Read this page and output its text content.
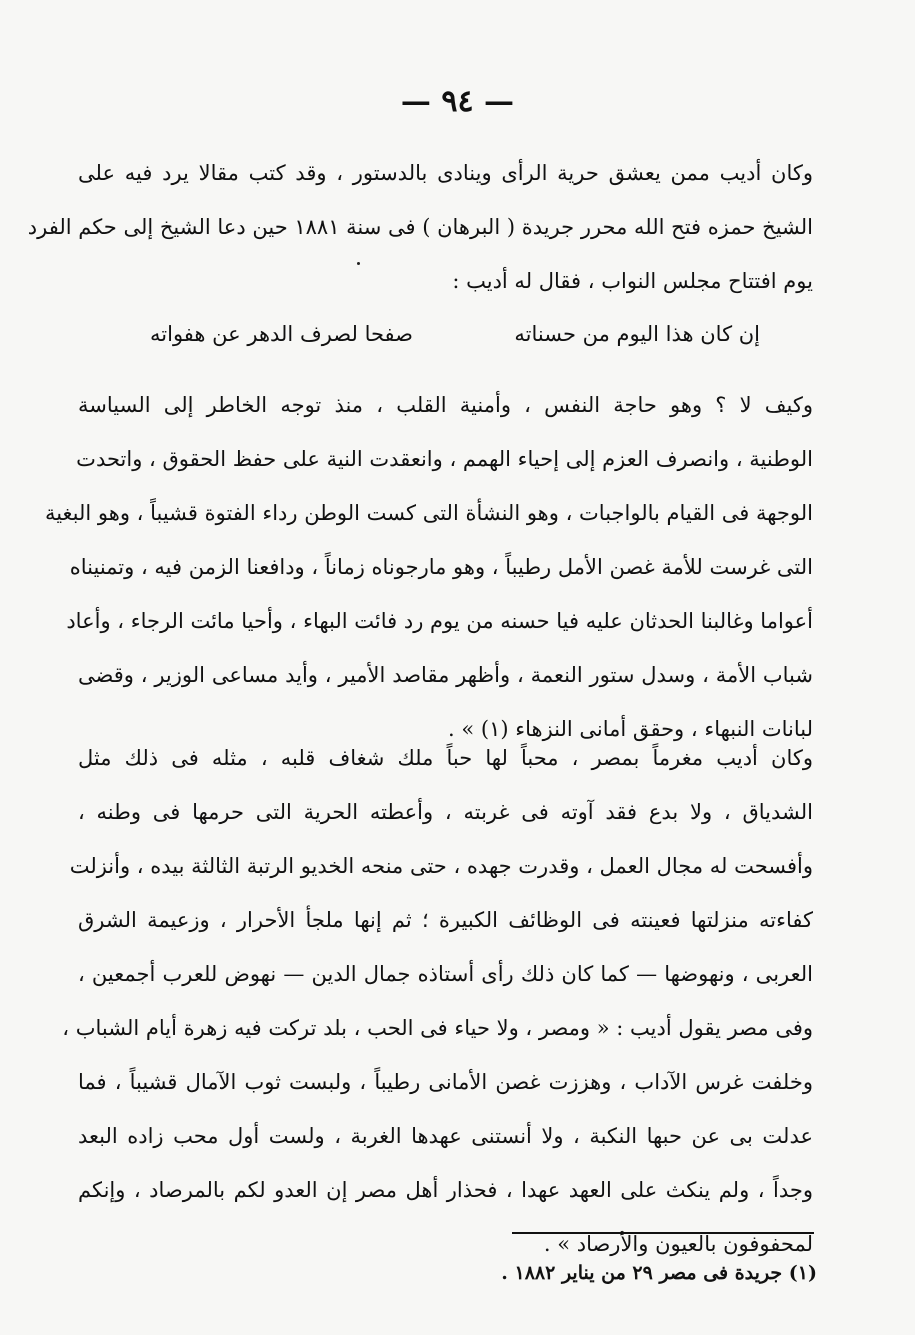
— ٩٤ —
وكان أديب ممن يعشق حرية الرأى وينادى بالدستور ، وقد كتب مقالا يرد فيه على
الشيخ حمزه فتح الله محرر جريدة ( البرهان ) فى سنة ١٨٨١ حين دعا الشيخ إلى حكم الفرد
يوم افتتاح مجلس النواب ، فقال له أديب :
إن كان هذا اليوم من حسناته
صفحا لصرف الدهر عن هفواته
وكيف لا ؟ وهو حاجة النفس ، وأمنية القلب ، منذ توجه الخاطر إلى السياسة
الوطنية ، وانصرف العزم إلى إحياء الهمم ، وانعقدت النية على حفظ الحقوق ، واتحدت
الوجهة فى القيام بالواجبات ، وهو النشأة التى كست الوطن رداء الفتوة قشيباً ، وهو البغية
التى غرست للأمة غصن الأمل رطيباً ، وهو مارجوناه زماناً ، ودافعنا الزمن فيه ، وتمنيناه
أعواما وغالبنا الحدثان عليه فيا حسنه من يوم رد فائت البهاء ، وأحيا مائت الرجاء ، وأعاد
شباب الأمة ، وسدل ستور النعمة ، وأظهر مقاصد الأمير ، وأيد مساعى الوزير ، وقضى
لبانات النبهاء ، وحقق أمانى النزهاء (١) » .
وكان أديب مغرماً بمصر ، محباً لها حباً ملك شغاف قلبه ، مثله فى ذلك مثل
الشدياق ، ولا بدع فقد آوته فى غربته ، وأعطته الحرية التى حرمها فى وطنه ،
وأفسحت له مجال العمل ، وقدرت جهده ، حتى منحه الخديو الرتبة الثالثة بيده ، وأنزلت
كفاءته منزلتها فعينته فى الوظائف الكبيرة ؛ ثم إنها ملجأ الأحرار ، وزعيمة الشرق
العربى ، ونهوضها — كما كان ذلك رأى أستاذه جمال الدين — نهوض للعرب أجمعين ،
وفى مصر يقول أديب : « ومصر ، ولا حياء فى الحب ، بلد تركت فيه زهرة أيام الشباب ،
وخلفت غرس الآداب ، وهززت غصن الأمانى رطيباً ، ولبست ثوب الآمال قشيباً ، فما
عدلت بى عن حبها النكبة ، ولا أنستنى عهدها الغربة ، ولست أول محب زاده البعد
وجداً ، ولم ينكث على العهد عهدا ، فحذار أهل مصر إن العدو لكم بالمرصاد ، وإنكم
لمحفوفون بالعيون والأرصاد » .
(١) جريدة فى مصر ٢٩ من يناير ١٨٨٢ .
